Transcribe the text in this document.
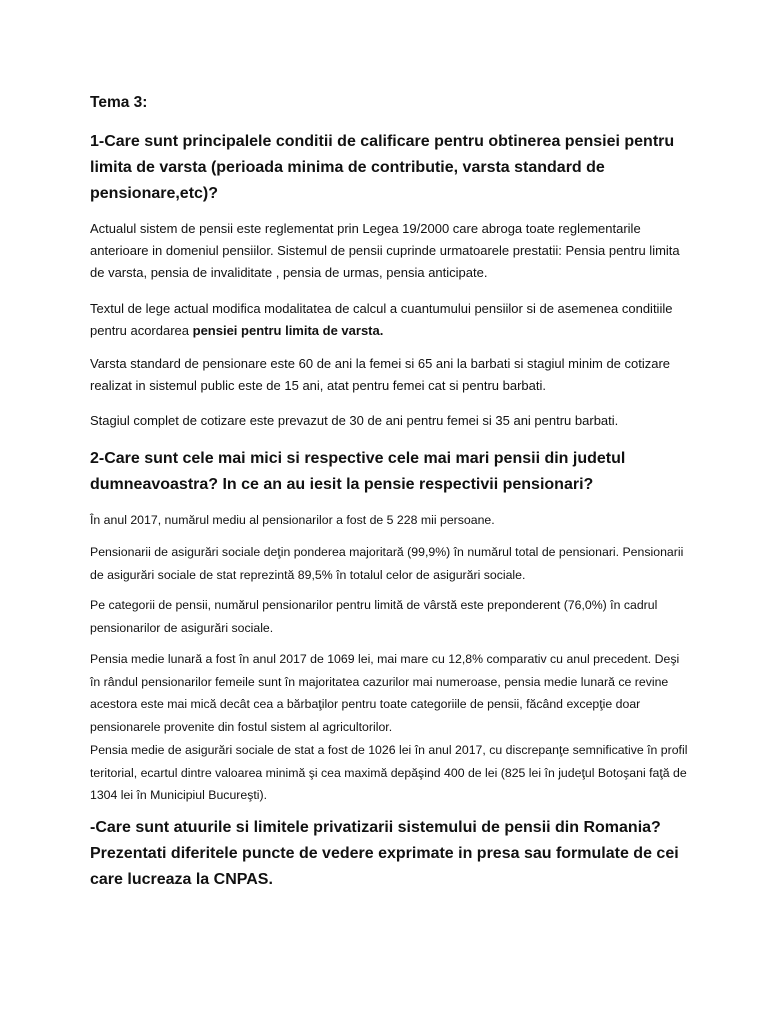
Tema 3:
1-Care sunt principalele conditii de calificare pentru obtinerea pensiei pentru limita de varsta (perioada minima de contributie, varsta standard de pensionare,etc)?
Actualul sistem de pensii este reglementat prin Legea 19/2000 care abroga toate reglementarile anterioare in domeniul pensiilor. Sistemul de pensii cuprinde urmatoarele prestatii: Pensia pentru limita de varsta, pensia de invaliditate , pensia de urmas, pensia anticipate.
Textul de lege actual modifica modalitatea de calcul a cuantumului pensiilor si de asemenea conditiile pentru acordarea pensiei pentru limita de varsta.
Varsta standard de pensionare este 60 de ani la femei si 65 ani la barbati si stagiul minim de cotizare realizat in sistemul public este de 15 ani, atat pentru femei cat si pentru barbati.
Stagiul complet de cotizare este prevazut de 30 de ani pentru femei si 35 ani pentru barbati.
2-Care sunt cele mai mici si respective cele mai mari pensii din judetul dumneavoastra? In ce an au iesit la pensie respectivii pensionari?
În anul 2017, numărul mediu al pensionarilor a fost de 5 228 mii persoane.
Pensionarii de asigurări sociale deţin ponderea majoritară (99,9%) în numărul total de pensionari. Pensionarii de asigurări sociale de stat reprezintă 89,5% în totalul celor de asigurări sociale.
Pe categorii de pensii, numărul pensionarilor pentru limită de vârstă este preponderent (76,0%) în cadrul pensionarilor de asigurări sociale.
Pensia medie lunară a fost în anul 2017 de 1069 lei, mai mare cu 12,8% comparativ cu anul precedent. Deşi în rândul pensionarilor femeile sunt în majoritatea cazurilor mai numeroase, pensia medie lunară ce revine acestora este mai mică decât cea a bărbaţilor pentru toate categoriile de pensii, făcând excepţie doar pensionarele provenite din fostul sistem al agricultorilor.
Pensia medie de asigurări sociale de stat a fost de 1026 lei în anul 2017, cu discrepanţe semnificative în profil teritorial, ecartul dintre valoarea minimă şi cea maximă depăşind 400 de lei (825 lei în judeţul Botoşani faţă de 1304 lei în Municipiul Bucureşti).
-Care sunt atuurile si limitele privatizarii sistemului de pensii din Romania? Prezentati diferitele puncte de vedere exprimate in presa sau formulate de cei care lucreaza la CNPAS.
